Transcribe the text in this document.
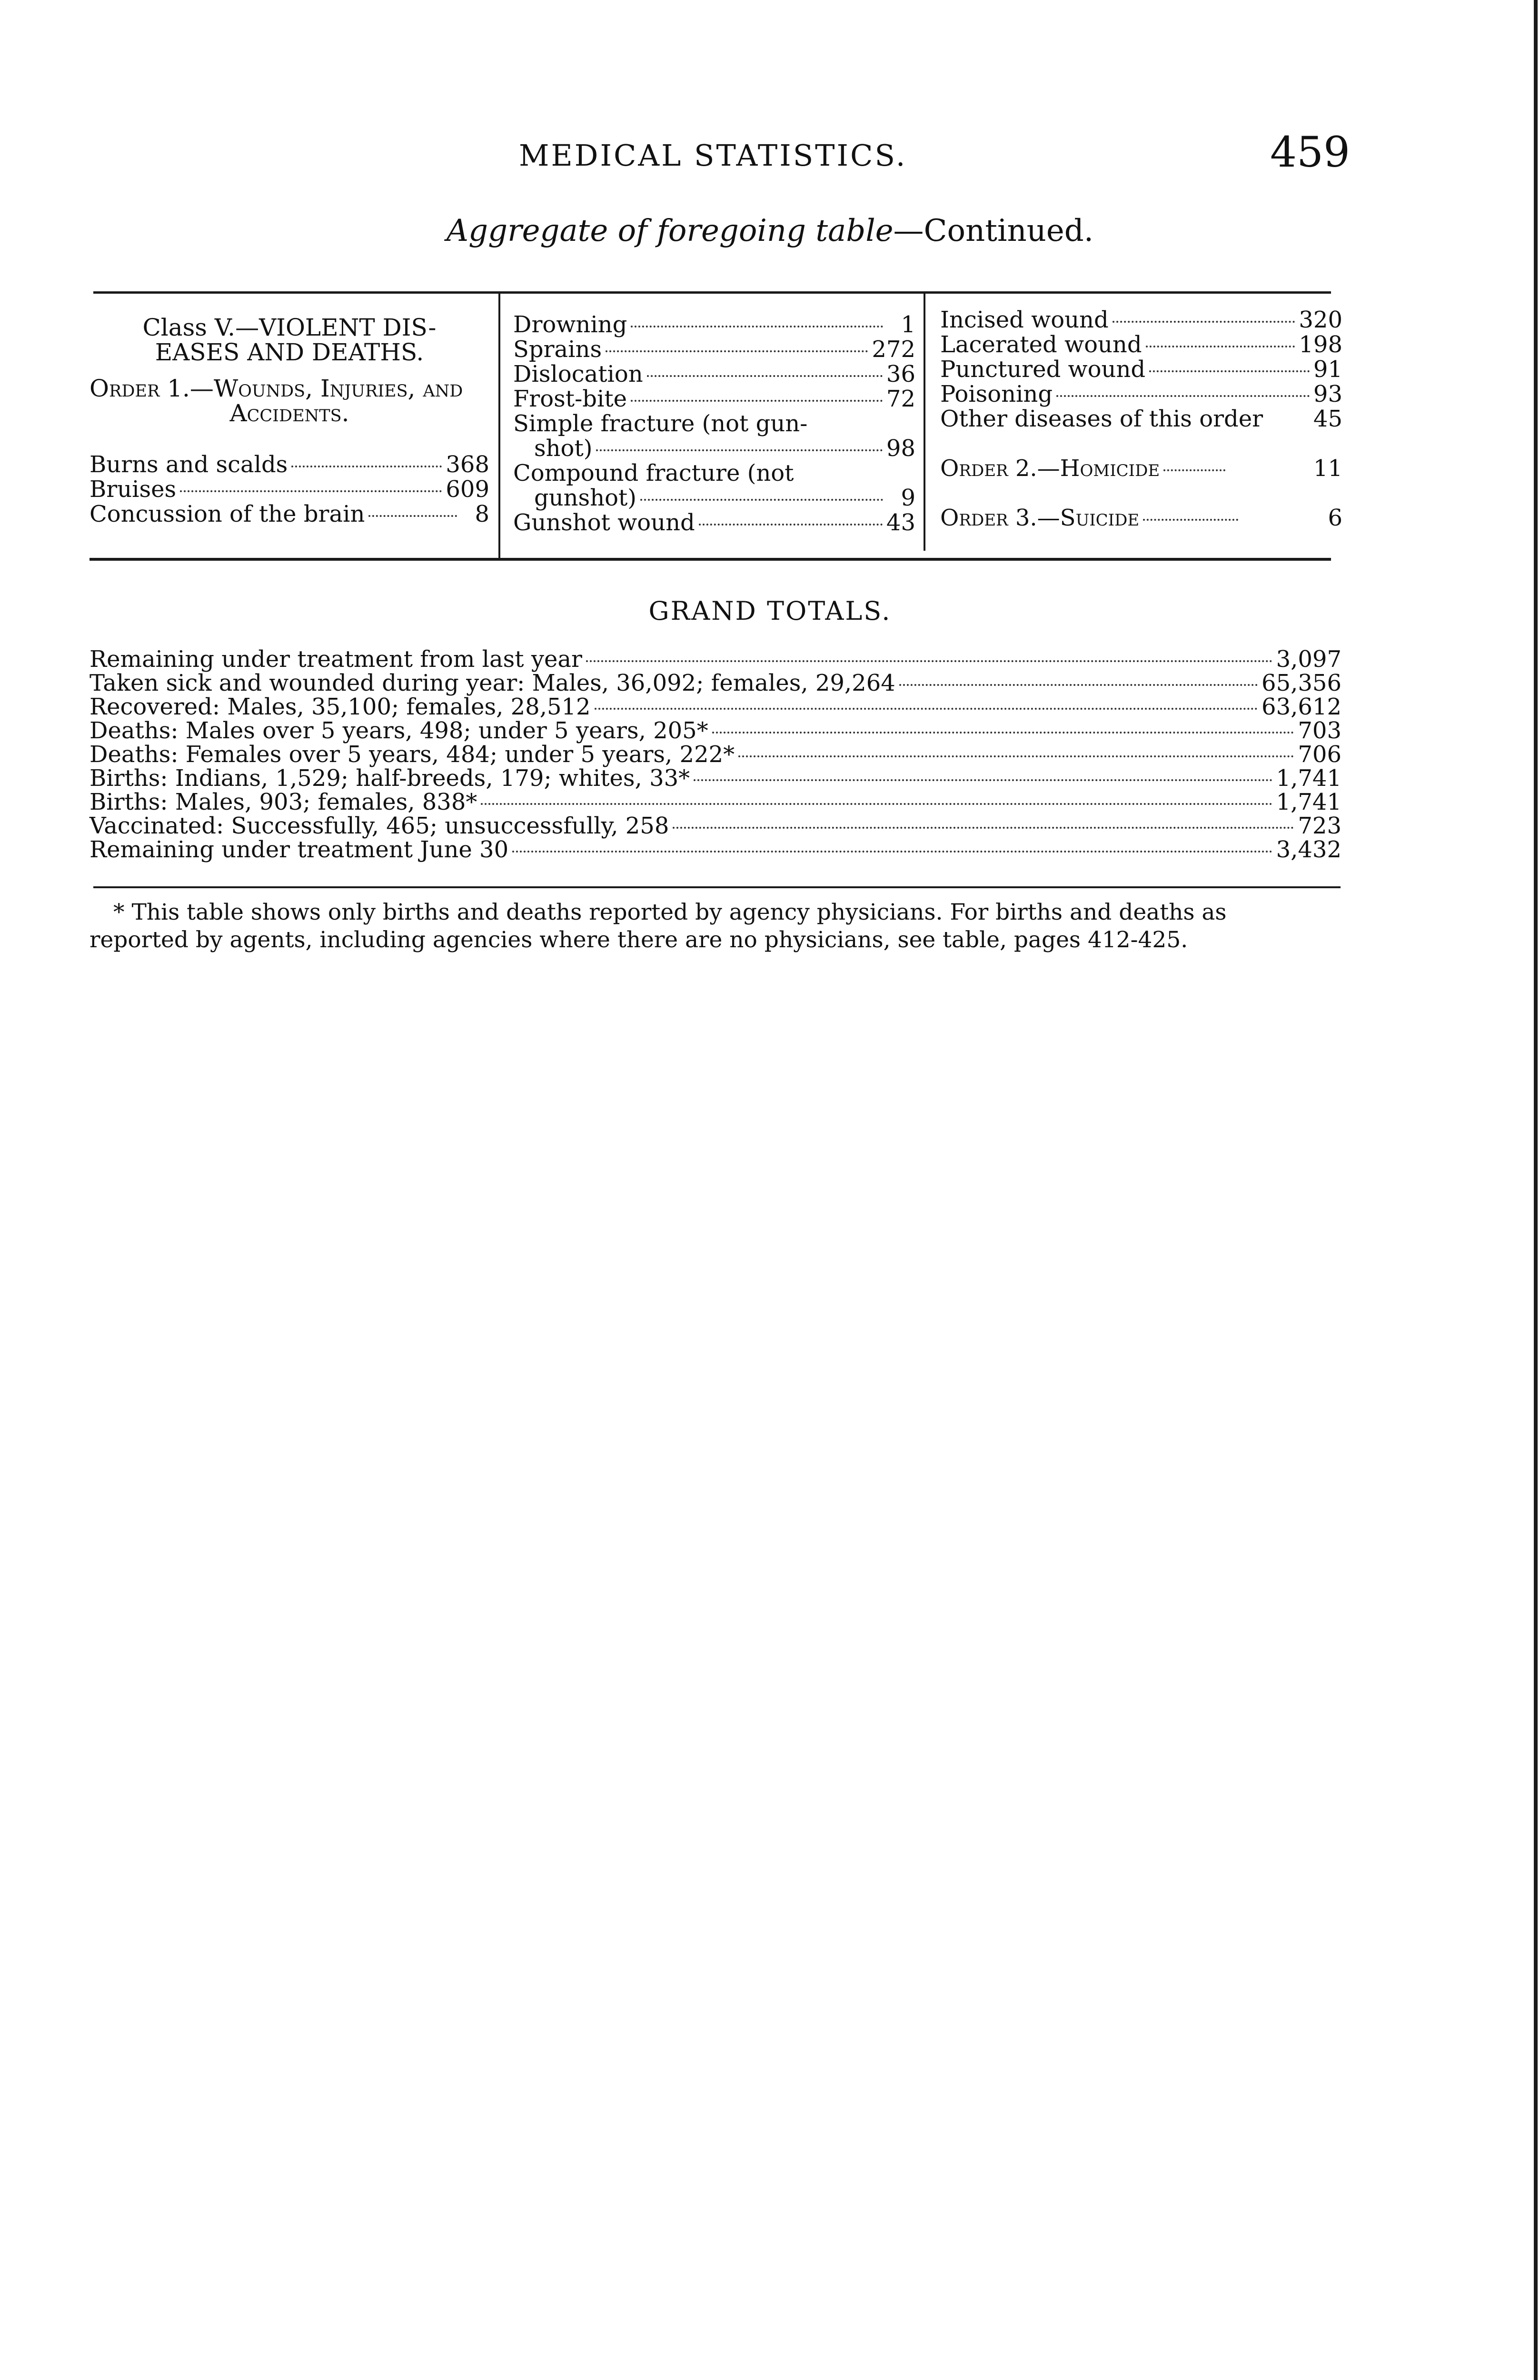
MEDICAL STATISTICS.	459
Aggregate of foregoing table—Continued.
Class V.—VIOLENT DIS-
EASES AND DEATHS.
Order 1.—Wounds, Injuries, and
Accidents.
Burns and scalds	368
Bruises	609
Concussion of the brain	8
Drowning	1
Sprains	272
Dislocation	36
Frost-bite	72
Simple fracture (not gun-
shot)	98
Compound fracture (not
gunshot)	9
Gunshot wound	43
Incised wound	320
Lacerated wound	198
Punctured wound	91
Poisoning	93
Other diseases of this order 45
Order 2.—Homicide	11
Order 3.—Suicide	6
GRAND TOTALS.
Remaining under treatment from last year	3,097
Taken sick and wounded during year: Males, 36,092; females, 29,264	65,356
Recovered: Males, 35,100; females, 28,512	63,612
Deaths: Males over 5 years, 498; under 5 years, 205*	703
Deaths: Females over 5 years, 484; under 5 years, 222*	706
Births: Indians, 1,529; half-breeds, 179; whites, 33*	1,741
Births: Males, 903; females, 838*	1,741
Vaccinated: Successfully, 465; unsuccessfully, 258	723
Remaining under treatment June 30	3,432
* This table shows only births and deaths reported by agency physicians. For births and deaths as
reported by agents, including agencies where there are no physicians, see table, pages 412-425.
